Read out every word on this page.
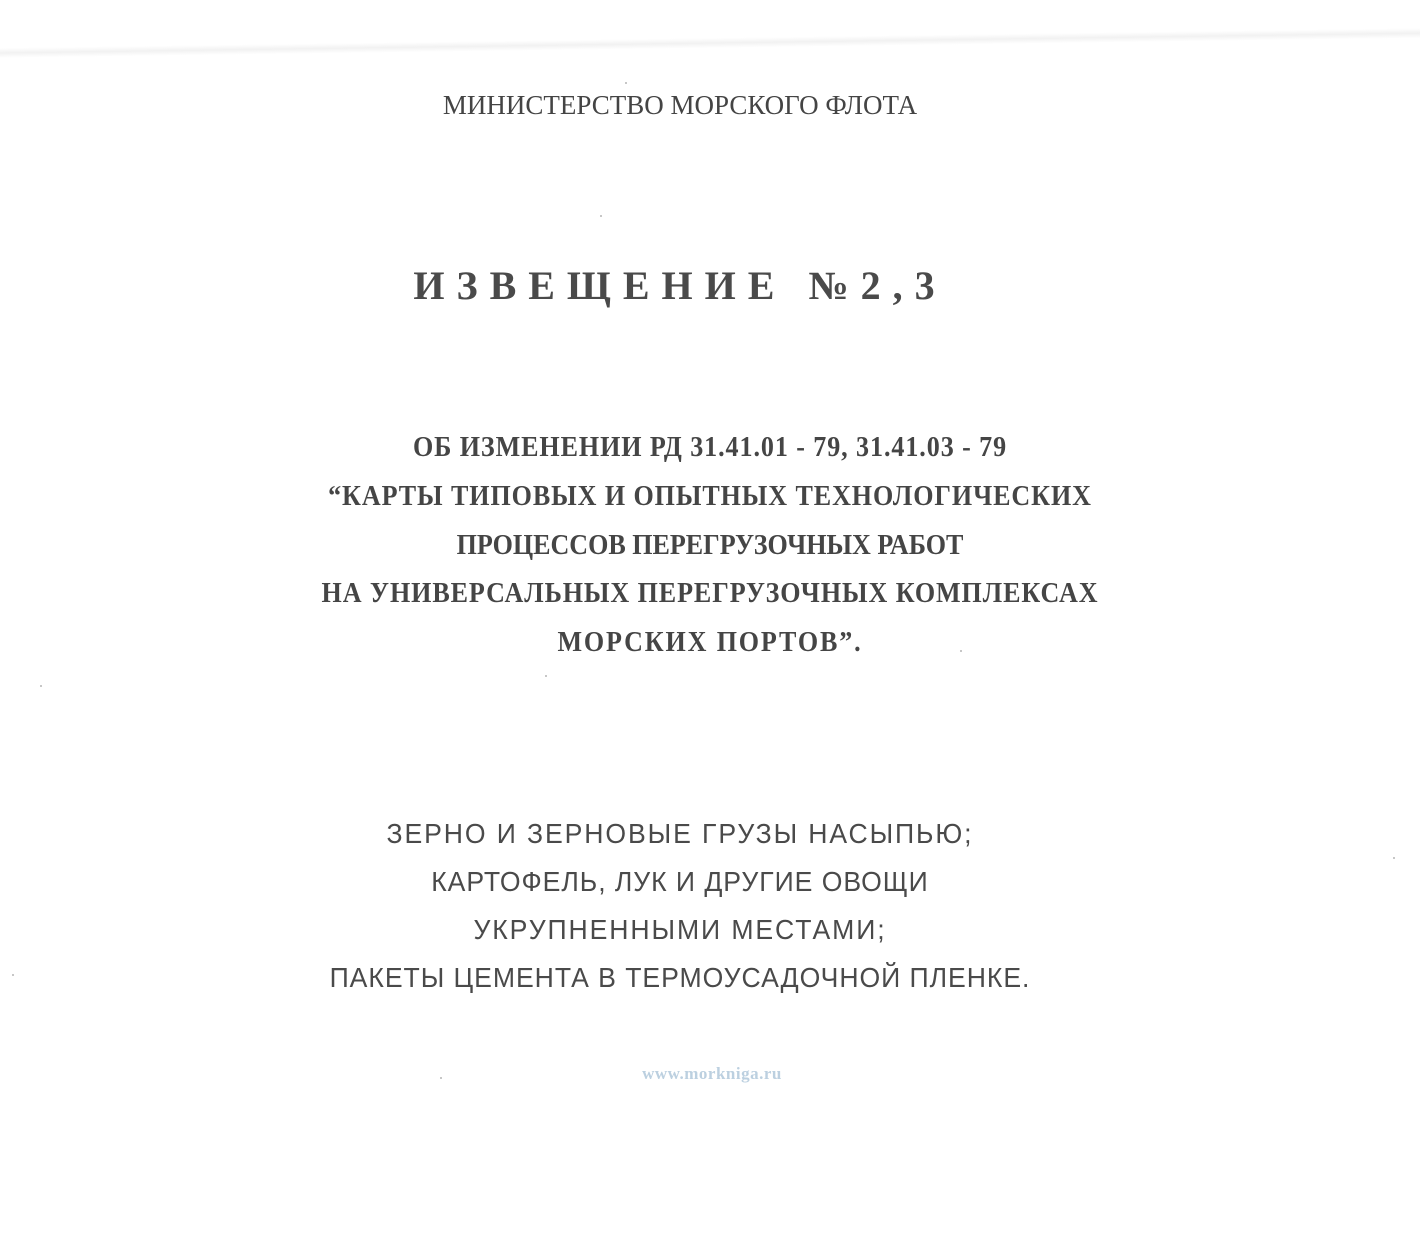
МИНИСТЕРСТВО МОРСКОГО ФЛОТА
ИЗВЕЩЕНИЕ №2,3
ОБ ИЗМЕНЕНИИ РД 31.41.01 - 79, 31.41.03 - 79
“КАРТЫ ТИПОВЫХ И ОПЫТНЫХ ТЕХНОЛОГИЧЕСКИХ
ПРОЦЕССОВ ПЕРЕГРУЗОЧНЫХ РАБОТ
НА УНИВЕРСАЛЬНЫХ ПЕРЕГРУЗОЧНЫХ КОМПЛЕКСАХ
МОРСКИХ ПОРТОВ”.
ЗЕРНО И ЗЕРНОВЫЕ ГРУЗЫ НАСЫПЬЮ;
КАРТОФЕЛЬ, ЛУК И ДРУГИЕ ОВОЩИ
УКРУПНЕННЫМИ МЕСТАМИ;
ПАКЕТЫ ЦЕМЕНТА В ТЕРМОУСАДОЧНОЙ ПЛЕНКЕ.
www.morkniga.ru
